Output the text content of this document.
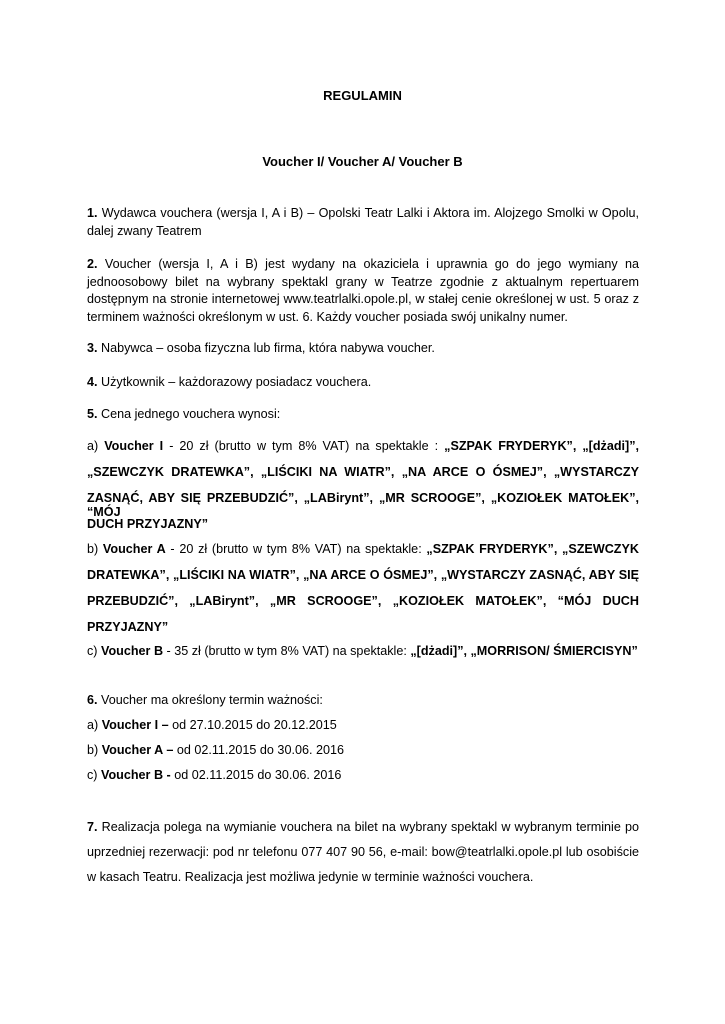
REGULAMIN
Voucher I/ Voucher A/ Voucher B
1. Wydawca vouchera (wersja I, A i B) – Opolski Teatr Lalki i Aktora im. Alojzego Smolki w Opolu, dalej zwany Teatrem
2. Voucher (wersja I, A i B) jest wydany na okaziciela i uprawnia go do jego wymiany na jednoosobowy bilet na wybrany spektakl grany w Teatrze zgodnie z aktualnym repertuarem dostępnym na stronie internetowej www.teatrlalki.opole.pl, w stałej cenie określonej w ust. 5 oraz z terminem ważności określonym w ust. 6. Każdy voucher posiada swój unikalny numer.
3. Nabywca – osoba fizyczna lub firma, która nabywa voucher.
4. Użytkownik – każdorazowy posiadacz vouchera.
5. Cena jednego vouchera wynosi:
a) Voucher I - 20 zł (brutto w tym 8% VAT) na spektakle : „SZPAK FRYDERYK”, „[dżadi]”,
„SZEWCZYK DRATEWKA”, „LIŚCIKI NA WIATR”, „NA ARCE O ÓSMEJ”, „WYSTARCZY
ZASNĄĆ, ABY SIĘ PRZEBUDZIĆ”, „LABirynt”, „MR SCROOGE”, „KOZIOŁEK MATOŁEK”, “MÓJ
DUCH PRZYJAZNY”
b) Voucher A - 20 zł (brutto w tym 8% VAT) na spektakle: „SZPAK FRYDERYK”, „SZEWCZYK
DRATEWKA”, „LIŚCIKI NA WIATR”, „NA ARCE O ÓSMEJ”, „WYSTARCZY ZASNĄĆ, ABY SIĘ
PRZEBUDZIĆ”, „LABirynt”, „MR SCROOGE”, „KOZIOŁEK MATOŁEK”, “MÓJ DUCH
PRZYJAZNY”
c) Voucher B - 35 zł (brutto w tym 8% VAT) na spektakle: „[dżadi]”, „MORRISON/ ŚMIERCISYN”
6. Voucher ma określony termin ważności:
a) Voucher I – od 27.10.2015 do 20.12.2015
b) Voucher A – od 02.11.2015 do 30.06. 2016
c) Voucher B - od 02.11.2015 do 30.06. 2016
7. Realizacja polega na wymianie vouchera na bilet na wybrany spektakl w wybranym terminie po
uprzedniej rezerwacji: pod nr telefonu 077 407 90 56, e-mail: bow@teatrlalki.opole.pl lub osobiście
w kasach Teatru. Realizacja jest możliwa jedynie w terminie ważności vouchera.
